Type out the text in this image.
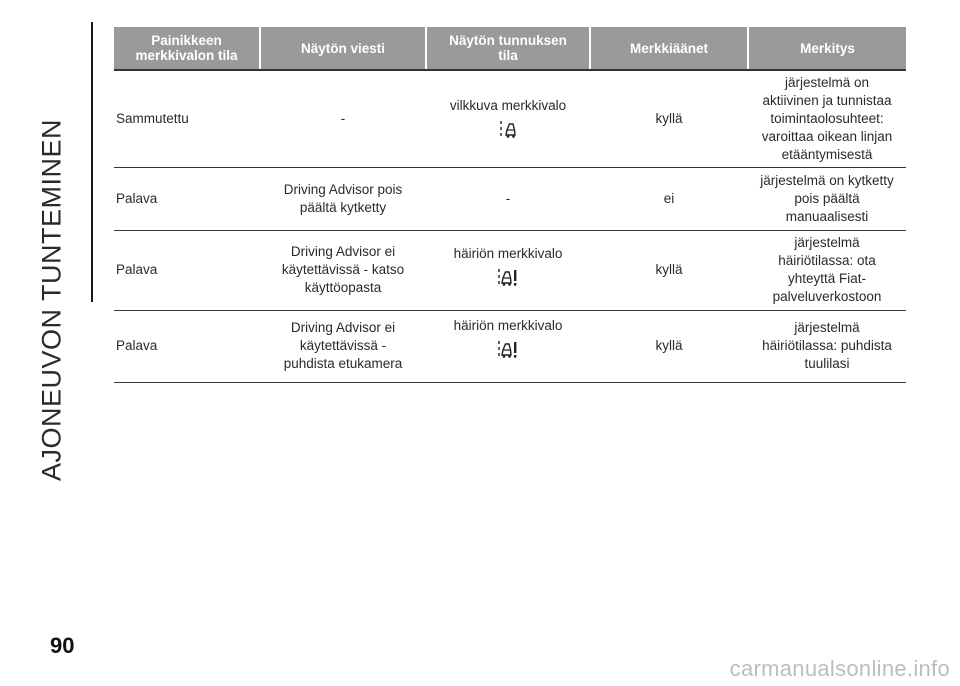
AJONEUVON TUNTEMINEN
Painikkeen merkkivalon tila	Näytön viesti	Näytön tunnuksen tila	Merkkiäänet	Merkitys
Sammutettu	-	vilkkuva merkkivalo	kyllä	järjestelmä on aktiivinen ja tunnistaa toimintaolosuhteet: varoittaa oikean linjan etääntymisestä
Palava	Driving Advisor pois päältä kytketty	-	ei	järjestelmä on kytketty pois päältä manuaalisesti
Palava	Driving Advisor ei käytettävissä - katso käyttöopasta	häiriön merkkivalo	kyllä	järjestelmä häiriötilassa: ota yhteyttä Fiat-palveluverkostoon
Palava	Driving Advisor ei käytettävissä - puhdista etukamera	häiriön merkkivalo	kyllä	järjestelmä häiriötilassa: puhdista tuulilasi
90
carmanualsonline.info
